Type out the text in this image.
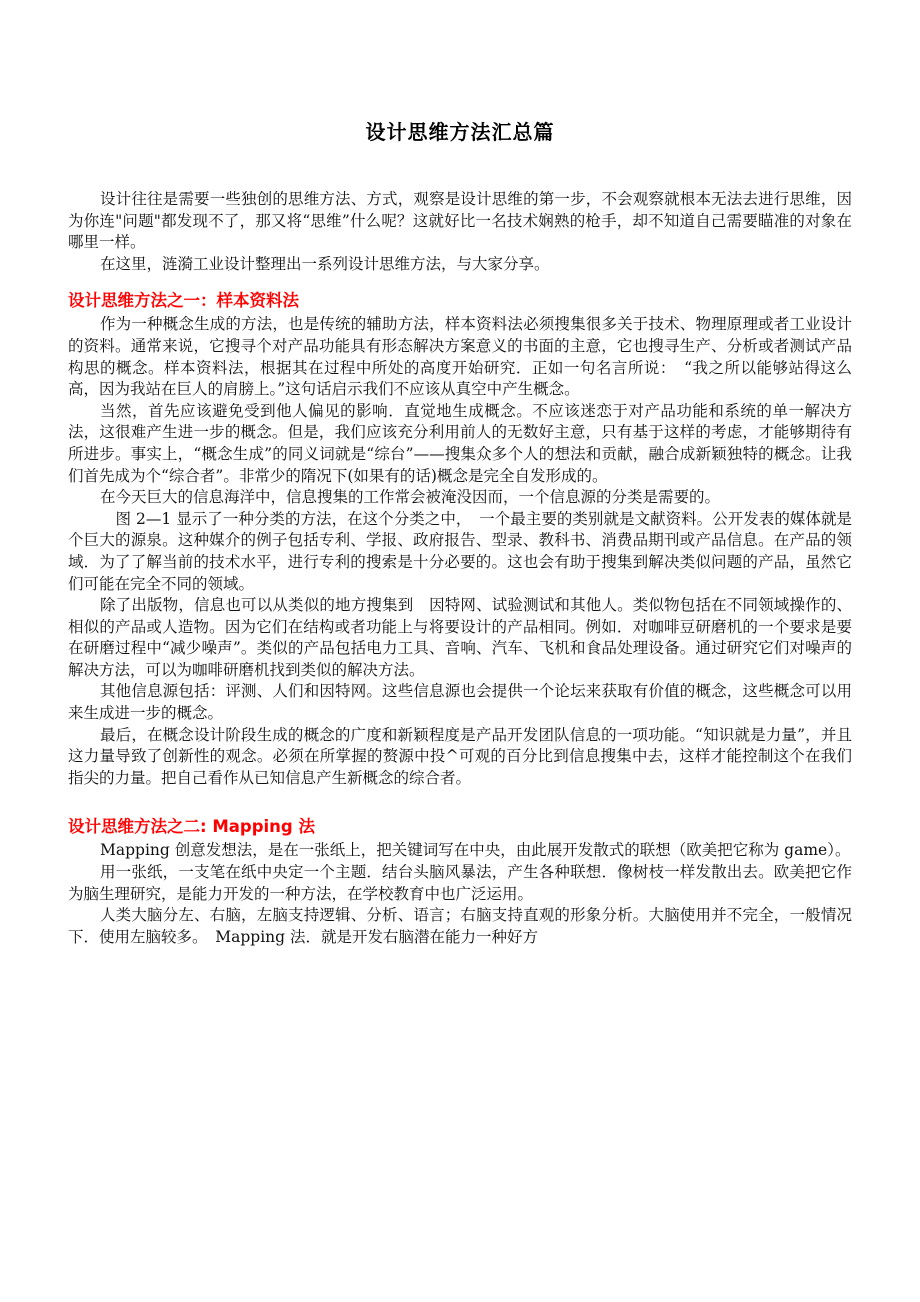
设计思维方法汇总篇

设计往往是需要一些独创的思维方法、方式，观察是设计思维的第一步，不会观察就根本无法去进行思维，因为你连"问题"都发现不了，那又将“思维”什么呢？这就好比一名技术娴熟的枪手，却不知道自己需要瞄准的对象在哪里一样。

在这里，涟漪工业设计整理出一系列设计思维方法，与大家分享。

设计思维方法之一：样本资料法

作为一种概念生成的方法，也是传统的辅助方法，样本资料法必须搜集很多关于技术、物理原理或者工业设计的资料。通常来说，它搜寻个对产品功能具有形态解决方案意义的书面的主意，它也搜寻生产、分析或者测试产品构思的概念。样本资料法，根据其在过程中所处的高度开始研究．正如一句名言所说：　“我之所以能够站得这么高，因为我站在巨人的肩膀上。”这句话启示我们不应该从真空中产生概念。

当然，首先应该避免受到他人偏见的影响．直觉地生成概念。不应该迷恋于对产品功能和系统的单一解决方法，这很难产生进一步的概念。但是，我们应该充分利用前人的无数好主意，只有基于这样的考虑，才能够期待有所进步。事实上，“概念生成”的同义词就是“综台”——搜集众多个人的想法和贡献，融合成新颖独特的概念。让我们首先成为个“综合者”。非常少的隋况下(如果有的话)概念是完全自发形成的。

在今天巨大的信息海洋中，信息搜集的工作常会被淹没因而，一个信息源的分类是需要的。

　图 2—1 显示了一种分类的方法，在这个分类之中，　一个最主要的类别就是文献资料。公开发表的媒体就是个巨大的源泉。这种媒介的例子包括专利、学报、政府报告、型录、教科书、消费品期刊或产品信息。在产品的领域．为了了解当前的技术水平，进行专利的搜索是十分必要的。这也会有助于搜集到解决类似问题的产品，虽然它们可能在完全不同的领域。

除了出版物，信息也可以从类似的地方搜集到　因特网、试验测试和其他人。类似物包括在不同领域操作的、相似的产品或人造物。因为它们在结构或者功能上与将要设计的产品相同。例如．对咖啡豆研磨机的一个要求是要在研磨过程中“减少噪声”。类似的产品包括电力工具、音响、汽车、飞机和食品处理设备。通过研究它们对噪声的解决方法，可以为咖啡研磨机找到类似的解决方法。

其他信息源包括：评测、人们和因特网。这些信息源也会提供一个论坛来获取有价值的概念，这些概念可以用来生成进一步的概念。

最后，在概念设计阶段生成的概念的广度和新颖程度是产品开发团队信息的一项功能。“知识就是力量”，并且这力量导致了创新性的观念。必须在所掌握的赘源中投^可观的百分比到信息搜集中去，这样才能控制这个在我们指尖的力量。把自己看作从已知信息产生新概念的综合者。

设计思维方法之二: Mapping 法

Mapping 创意发想法，是在一张纸上，把关键词写在中央，由此展开发散式的联想（欧美把它称为 game）。

用一张纸，一支笔在纸中央定一个主题．结台头脑风暴法，产生各种联想．像树枝一样发散出去。欧美把它作为脑生理研究，是能力开发的一种方法，在学校教育中也广泛运用。

人类大脑分左、右脑，左脑支持逻辑、分析、语言；右脑支持直观的形象分析。大脑使用并不完全，一般情况下．使用左脑较多。　Mapping 法．就是开发右脑潜在能力一种好方
